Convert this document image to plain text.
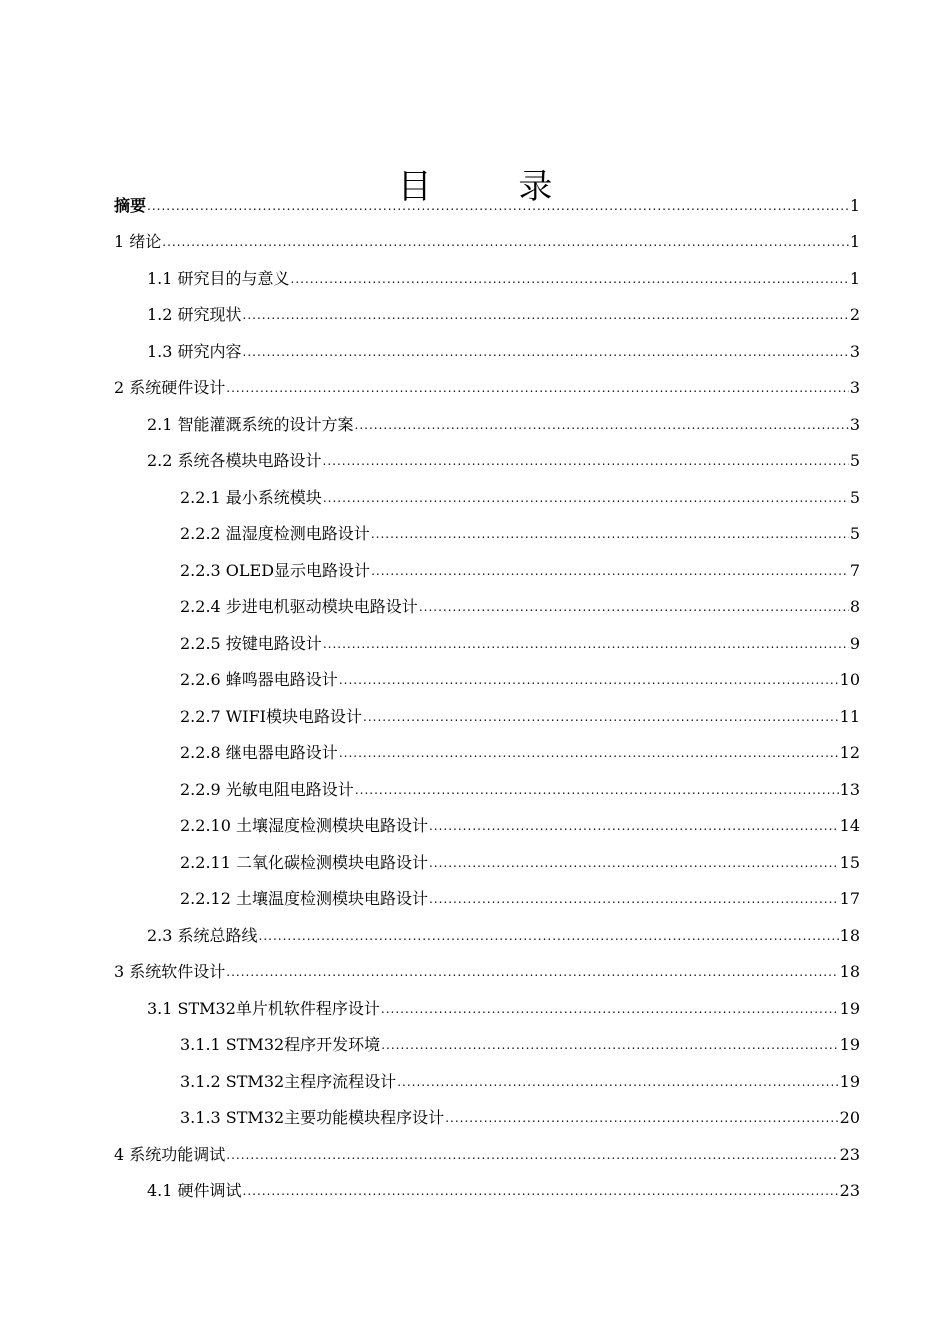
目 录
摘要 .....	1
1 绪论 .....	1
1.1 研究目的与意义 .....	1
1.2 研究现状 .....	2
1.3 研究内容 .....	3
2 系统硬件设计 .....	3
2.1 智能灌溉系统的设计方案 .....	3
2.2 系统各模块电路设计 .....	5
2.2.1 最小系统模块 .....	5
2.2.2 温湿度检测电路设计 .....	5
2.2.3 OLED显示电路设计 .....	7
2.2.4 步进电机驱动模块电路设计 .....	8
2.2.5 按键电路设计 .....	9
2.2.6 蜂鸣器电路设计 .....	10
2.2.7 WIFI模块电路设计 .....	11
2.2.8 继电器电路设计 .....	12
2.2.9 光敏电阻电路设计 .....	13
2.2.10 土壤湿度检测模块电路设计 .....	14
2.2.11 二氧化碳检测模块电路设计 .....	15
2.2.12 土壤温度检测模块电路设计 .....	17
2.3 系统总路线 .....	18
3 系统软件设计 .....	18
3.1 STM32单片机软件程序设计 .....	19
3.1.1 STM32程序开发环境 .....	19
3.1.2 STM32主程序流程设计 .....	19
3.1.3 STM32主要功能模块程序设计 .....	20
4 系统功能调试 .....	23
4.1 硬件调试 .....	23
